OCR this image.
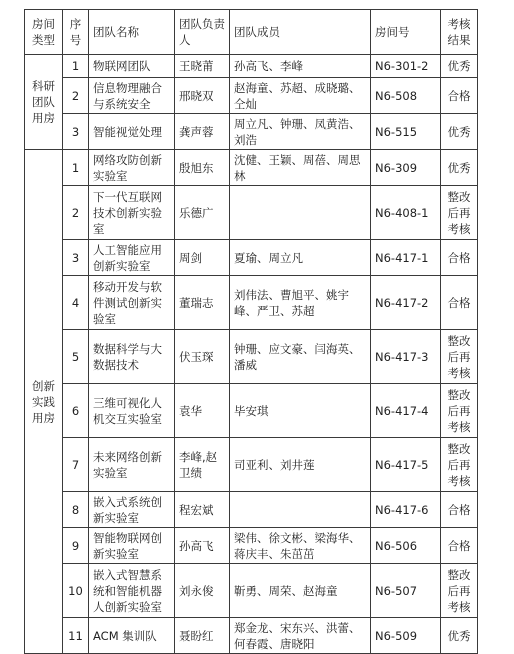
房间类型	序号	团队名称	团队负责人	团队成员	房间号	考核结果
科研团队用房	1	物联网团队	王晓莆	孙高飞、李峰	N6-301-2	优秀
	2	信息物理融合与系统安全	邢晓双	赵海童、苏超、成晓璐、仝灿	N6-508	合格
	3	智能视觉处理	龚声蓉	周立凡、钟珊、凤黄浩、刘浩	N6-515	优秀
创新实践用房	1	网络攻防创新实验室	殷旭东	沈健、王颖、周蓓、周思林	N6-309	优秀
	2	下一代互联网技术创新实验室	乐德广		N6-408-1	整改后再考核
	3	人工智能应用创新实验室	周剑	夏瑜、周立凡	N6-417-1	合格
	4	移动开发与软件测试创新实验室	董瑞志	刘伟法、曹旭平、姚宇峰、严卫、苏超	N6-417-2	合格
	5	数据科学与大数据技术	伏玉琛	钟珊、应文豪、闫海英、潘威	N6-417-3	整改后再考核
	6	三维可视化人机交互实验室	袁华	毕安琪	N6-417-4	整改后再考核
	7	未来网络创新实验室	李峰,赵卫绩	司亚利、刘井莲	N6-417-5	整改后再考核
	8	嵌入式系统创新实验室	程宏斌		N6-417-6	合格
	9	智能物联网创新实验室	孙高飞	梁伟、徐文彬、梁海华、蒋庆丰、朱茁茁	N6-506	合格
	10	嵌入式智慧系统和智能机器人创新实验室	刘永俊	靳勇、周荣、赵海童	N6-507	整改后再考核
	11	ACM 集训队	聂盼红	郑金龙、宋东兴、洪蕾、何春霞、唐晓阳	N6-509	优秀
